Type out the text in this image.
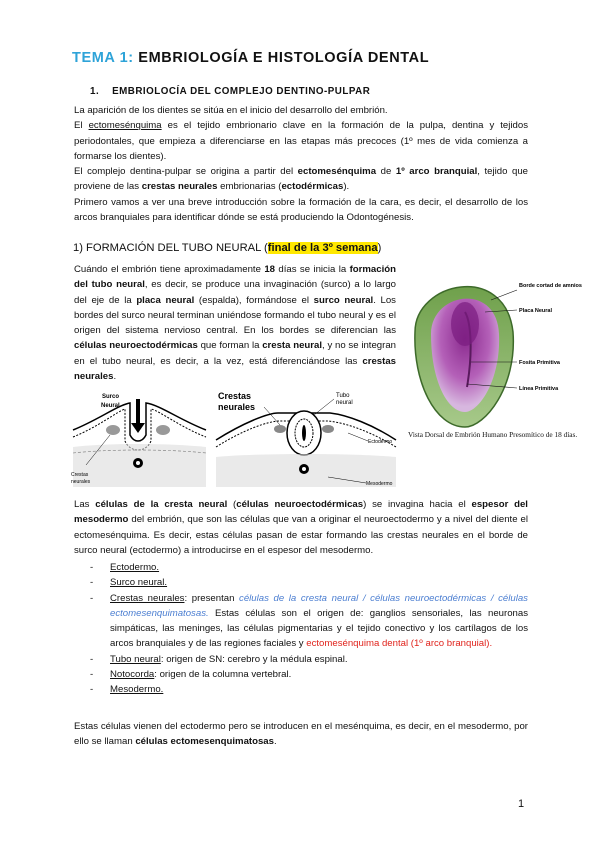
TEMA 1: EMBRIOLOGÍA E HISTOLOGÍA DENTAL
1. EMBRIOLOCÍA DEL COMPLEJO DENTINO-PULPAR

La aparición de los dientes se sitúa en el inicio del desarrollo del embrión.

El ectomesénquima es el tejido embrionario clave en la formación de la pulpa, dentina y tejidos periodontales, que empieza a diferenciarse en las etapas más precoces (1º mes de vida comienza a formarse los dientes).

El complejo dentina-pulpar se origina a partir del ectomesénquima de 1º arco branquial, tejido que proviene de las crestas neurales embrionarias (ectodérmicas).

Primero vamos a ver una breve introducción sobre la formación de la cara, es decir, el desarrollo de los arcos branquiales para identificar dónde se está produciendo la Odontogénesis.

1) FORMACIÓN DEL TUBO NEURAL (final de la 3º semana)

Cuándo el embrión tiene aproximadamente 18 días se inicia la formación del tubo neural, es decir, se produce una invaginación (surco) a lo largo del eje de la placa neural (espalda), formándose el surco neural. Los bordes del surco neural terminan uniéndose formando el tubo neural y es el origen del sistema nervioso central. En los bordes se diferencian las células neuroectodérmicas que forman la cresta neural, y no se integran en el tubo neural, es decir, a la vez, está diferenciándose las crestas neurales.

Borde cortad de amnios
Placa Neural
Fosita Primitiva
Línea Primitiva
Vista Dorsal de Embrión Humano Presomítico de 18 días.
Surco
Neural
Crestas
neurales
Crestas
neurales
Tubo
neural
Ectodermo
Mesodermo

Las células de la cresta neural (células neuroectodérmicas) se invagina hacia el espesor del mesodermo del embrión, que son las células que van a originar el neuroectodermo y a nivel del diente el ectomesénquima. Es decir, estas células pasan de estar formando las crestas neurales en el borde de surco neural (ectodermo) a introducirse en el espesor del mesodermo.

- Ectodermo.
- Surco neural.
- Crestas neurales: presentan células de la cresta neural / células neuroectodérmicas / células ectomesenquimatosas. Estas células son el origen de: ganglios sensoriales, las neuronas simpáticas, las meninges, las células pigmentarias y el tejido conectivo y los cartílagos de los arcos branquiales y de las regiones faciales y ectomesénquima dental (1º arco branquial).
- Tubo neural: origen de SN: cerebro y la médula espinal.
- Notocorda: origen de la columna vertebral.
- Mesodermo.

Estas células vienen del ectodermo pero se introducen en el mesénquima, es decir, en el mesodermo, por ello se llaman células ectomesenquimatosas.

1
